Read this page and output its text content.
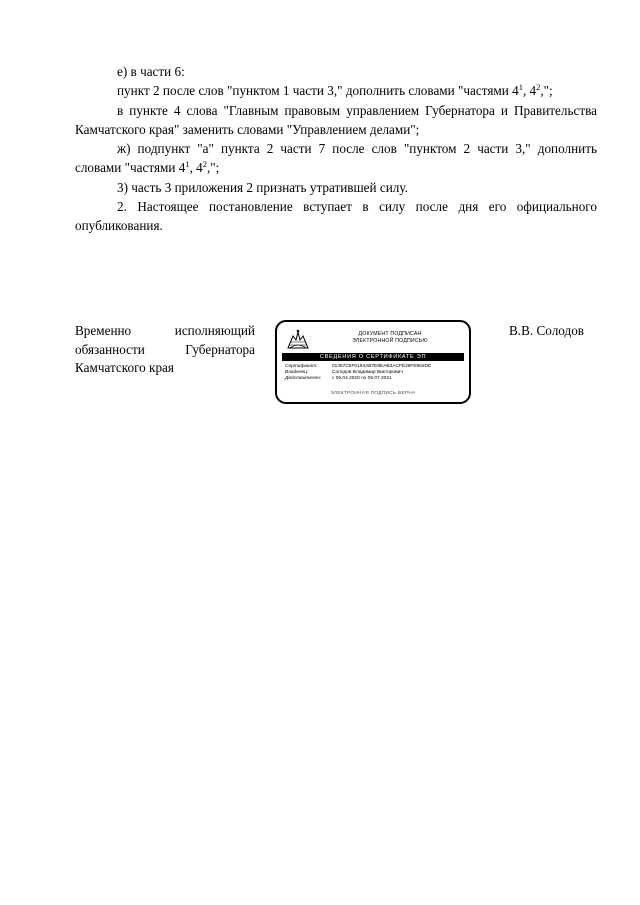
е) в части 6:

пункт 2 после слов "пунктом 1 части 3," дополнить словами "частями $4^1$, $4^2$,";

в пункте 4 слова "Главным правовым управлением Губернатора и Правительства Камчатского края" заменить словами "Управлением делами";

ж) подпункт "а" пункта 2 части 7 после слов "пунктом 2 части 3," дополнить словами "частями $4^1$, $4^2$,";

3) часть 3 приложения 2 признать утратившей силу.

2. Настоящее постановление вступает в силу после дня его официального опубликования.

Временно исполняющий
обязанности Губернатора
Камчатского края
ДОКУМЕНТ ПОДПИСАН
ЭЛЕКТРОННОЙ ПОДПИСЬЮ
СВЕДЕНИЯ О СЕРТИФИКАТЕ ЭП
Сертификат:	01367C5F0194AB7E8EAB3ACFE29FE962DE
Владелец:	Солодов Владимир Викторович
Действителен: с 06.04.2020 по 06.07.2021
ЭЛЕКТРОННАЯ ПОДПИСЬ ВЕРНА
В.В. Солодов
